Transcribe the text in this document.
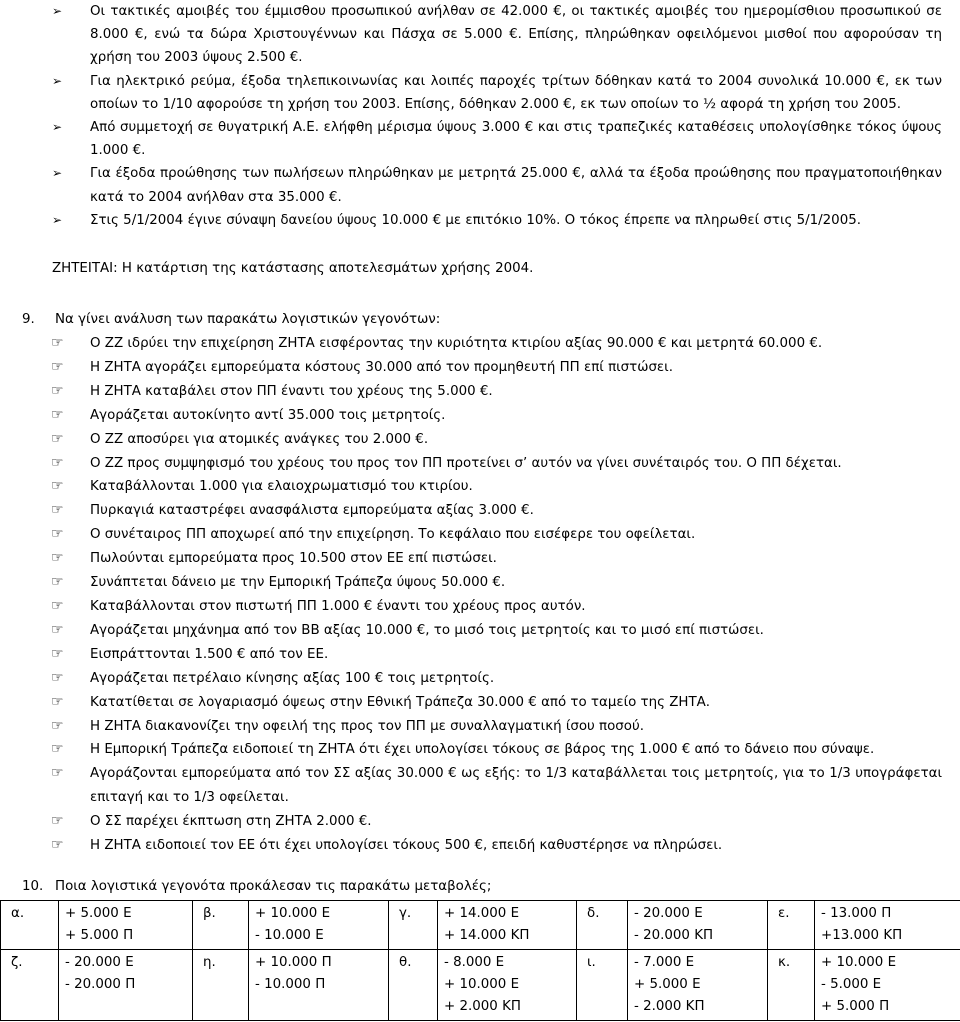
➢ Οι τακτικές αμοιβές του έμμισθου προσωπικού ανήλθαν σε 42.000 €, οι τακτικές αμοιβές του ημερομίσθιου προσωπικού σε 8.000 €, ενώ τα δώρα Χριστουγέννων και Πάσχα σε 5.000 €. Επίσης, πληρώθηκαν οφειλόμενοι μισθοί που αφορούσαν τη χρήση του 2003 ύψους 2.500 €.
➢ Για ηλεκτρικό ρεύμα, έξοδα τηλεπικοινωνίας και λοιπές παροχές τρίτων δόθηκαν κατά το 2004 συνολικά 10.000 €, εκ των οποίων το 1/10 αφορούσε τη χρήση του 2003. Επίσης, δόθηκαν 2.000 €, εκ των οποίων το ½ αφορά τη χρήση του 2005.
➢ Από συμμετοχή σε θυγατρική Α.Ε. ελήφθη μέρισμα ύψους 3.000 € και στις τραπεζικές καταθέσεις υπολογίσθηκε τόκος ύψους 1.000 €.
➢ Για έξοδα προώθησης των πωλήσεων πληρώθηκαν με μετρητά 25.000 €, αλλά τα έξοδα προώθησης που πραγματοποιήθηκαν κατά το 2004 ανήλθαν στα 35.000 €.
➢ Στις 5/1/2004 έγινε σύναψη δανείου ύψους 10.000 € με επιτόκιο 10%. Ο τόκος έπρεπε να πληρωθεί στις 5/1/2005.
ΖΗΤΕΙΤΑΙ: Η κατάρτιση της κατάστασης αποτελεσμάτων χρήσης 2004.
9. Να γίνει ανάλυση των παρακάτω λογιστικών γεγονότων:
☞ Ο ΖΖ ιδρύει την επιχείρηση ΖΗΤΑ εισφέροντας την κυριότητα κτιρίου αξίας 90.000 € και μετρητά 60.000 €.
☞ Η ΖΗΤΑ αγοράζει εμπορεύματα κόστους 30.000 από τον προμηθευτή ΠΠ επί πιστώσει.
☞ Η ΖΗΤΑ καταβάλει στον ΠΠ έναντι του χρέους της 5.000 €.
☞ Αγοράζεται αυτοκίνητο αντί 35.000 τοις μετρητοίς.
☞ Ο ΖΖ αποσύρει για ατομικές ανάγκες του 2.000 €.
☞ Ο ΖΖ προς συμψηφισμό του χρέους του προς τον ΠΠ προτείνει σ’ αυτόν να γίνει συνέταιρός του. Ο ΠΠ δέχεται.
☞ Καταβάλλονται 1.000 για ελαιοχρωματισμό του κτιρίου.
☞ Πυρκαγιά καταστρέφει ανασφάλιστα εμπορεύματα αξίας 3.000 €.
☞ Ο συνέταιρος ΠΠ αποχωρεί από την επιχείρηση. Το κεφάλαιο που εισέφερε του οφείλεται.
☞ Πωλούνται εμπορεύματα προς 10.500 στον ΕΕ επί πιστώσει.
☞ Συνάπτεται δάνειο με την Εμπορική Τράπεζα ύψους 50.000 €.
☞ Καταβάλλονται στον πιστωτή ΠΠ 1.000 € έναντι του χρέους προς αυτόν.
☞ Αγοράζεται μηχάνημα από τον ΒΒ αξίας 10.000 €, το μισό τοις μετρητοίς και το μισό επί πιστώσει.
☞ Εισπράττονται 1.500 € από τον ΕΕ.
☞ Αγοράζεται πετρέλαιο κίνησης αξίας 100 € τοις μετρητοίς.
☞ Κατατίθεται σε λογαριασμό όψεως στην Εθνική Τράπεζα 30.000 € από το ταμείο της ΖΗΤΑ.
☞ Η ΖΗΤΑ διακανονίζει την οφειλή της προς τον ΠΠ με συναλλαγματική ίσου ποσού.
☞ Η Εμπορική Τράπεζα ειδοποιεί τη ΖΗΤΑ ότι έχει υπολογίσει τόκους σε βάρος της 1.000 € από το δάνειο που σύναψε.
☞ Αγοράζονται εμπορεύματα από τον ΣΣ αξίας 30.000 € ως εξής: το 1/3 καταβάλλεται τοις μετρητοίς, για το 1/3 υπογράφεται επιταγή και το 1/3 οφείλεται.
☞ Ο ΣΣ παρέχει έκπτωση στη ΖΗΤΑ 2.000 €.
☞ Η ΖΗΤΑ ειδοποιεί τον ΕΕ ότι έχει υπολογίσει τόκους 500 €, επειδή καθυστέρησε να πληρώσει.
10. Ποια λογιστικά γεγονότα προκάλεσαν τις παρακάτω μεταβολές;
α.	+ 5.000 Ε
+ 5.000 Π	β.	+ 10.000 Ε
- 10.000 Ε	γ.	+ 14.000 Ε
+ 14.000 ΚΠ	δ.	- 20.000 Ε
- 20.000 ΚΠ	ε.	- 13.000 Π
+13.000 ΚΠ

ζ.	- 20.000 Ε
- 20.000 Π	η.	+ 10.000 Π
- 10.000 Π	θ.	- 8.000 Ε
+ 10.000 Ε
+ 2.000 ΚΠ	ι.	- 7.000 Ε
+ 5.000 Ε
- 2.000 ΚΠ	κ.	+ 10.000 Ε
- 5.000 Ε
+ 5.000 Π
